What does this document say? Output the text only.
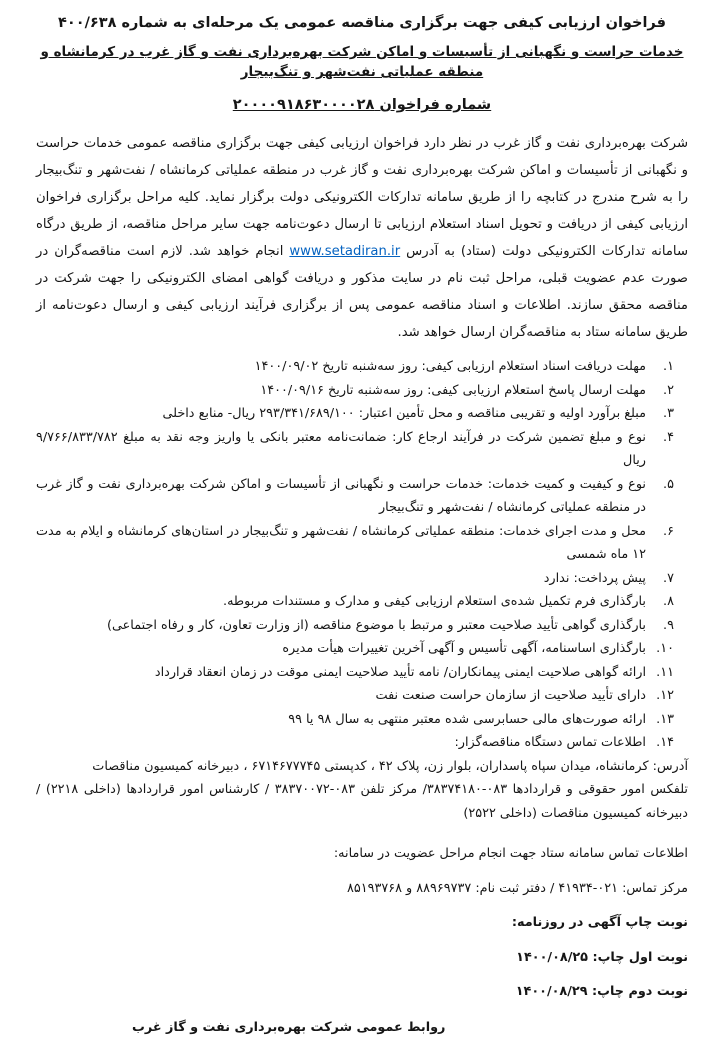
فراخوان ارزیابی کیفی جهت برگزاری مناقصه عمومی یک مرحله‌ای به شماره ۴۰۰/۶۳۸
خدمات حراست و نگهبانی از تأسیسات و اماکن شرکت بهره‌برداری نفت و گاز غرب در کرمانشاه و منطقه عملیاتی نفت‌شهر و تنگ‌بیجار
شماره فراخوان ۲۰۰۰۰۹۱۸۶۳۰۰۰۰۲۸

شرکت بهره‌برداری نفت و گاز غرب در نظر دارد فراخوان ارزیابی کیفی جهت برگزاری مناقصه عمومی خدمات حراست و نگهبانی از تأسیسات و اماکن شرکت بهره‌برداری نفت و گاز غرب در منطقه عملیاتی کرمانشاه / نفت‌شهر و تنگ‌بیجار را به شرح مندرج در کتابچه را از طریق سامانه تدارکات الکترونیکی دولت برگزار نماید. کلیه مراحل برگزاری فراخوان ارزیابی کیفی از دریافت و تحویل اسناد استعلام ارزیابی تا ارسال دعوت‌نامه جهت سایر مراحل مناقصه، از طریق درگاه سامانه تدارکات الکترونیکی دولت (ستاد) به آدرس www.setadiran.ir انجام خواهد شد. لازم است مناقصه‌گران در صورت عدم عضویت قبلی، مراحل ثبت نام در سایت مذکور و دریافت گواهی امضای الکترونیکی را جهت شرکت در مناقصه محقق سازند. اطلاعات و اسناد مناقصه عمومی پس از برگزاری فرآیند ارزیابی کیفی و ارسال دعوت‌نامه از طریق سامانه ستاد به مناقصه‌گران ارسال خواهد شد.

۱.
مهلت دریافت اسناد استعلام ارزیابی کیفی: روز سه‌شنبه تاریخ ۱۴۰۰/۰۹/۰۲
۲.
مهلت ارسال پاسخ استعلام ارزیابی کیفی: روز سه‌شنبه تاریخ ۱۴۰۰/۰۹/۱۶
۳.
مبلغ برآورد اولیه و تقریبی مناقصه و محل تأمین اعتبار: ۲۹۳/۳۴۱/۶۸۹/۱۰۰ ریال- منابع داخلی
۴.
نوع و مبلغ تضمین شرکت در فرآیند ارجاع کار: ضمانت‌نامه معتبر بانکی یا واریز وجه نقد به مبلغ ۹/۷۶۶/۸۳۳/۷۸۲ ریال
۵.
نوع و کیفیت و کمیت خدمات: خدمات حراست و نگهبانی از تأسیسات و اماکن شرکت بهره‌برداری نفت و گاز غرب در منطقه عملیاتی کرمانشاه / نفت‌شهر و تنگ‌بیجار
۶.
محل و مدت اجرای خدمات: منطقه عملیاتی کرمانشاه / نفت‌شهر و تنگ‌بیجار در استان‌های کرمانشاه و ایلام به مدت ۱۲ ماه شمسی
۷.
پیش پرداخت: ندارد
۸.
بارگذاری فرم تکمیل شده‌ی استعلام ارزیابی کیفی و مدارک و مستندات مربوطه.
۹.
بارگذاری گواهی تأیید صلاحیت معتبر و مرتبط با موضوع مناقصه (از وزارت تعاون، کار و رفاه اجتماعی)
۱۰.
بارگذاری اساسنامه، آگهی تأسیس و آگهی آخرین تغییرات هیأت مدیره
۱۱.
ارائه گواهی صلاحیت ایمنی پیمانکاران/ نامه تأیید صلاحیت ایمنی موقت در زمان انعقاد قرارداد
۱۲.
دارای تأیید صلاحیت از سازمان حراست صنعت نفت
۱۳.
ارائه صورت‌های مالی حسابرسی شده معتبر منتهی به سال ۹۸ یا ۹۹
۱۴.
اطلاعات تماس دستگاه مناقصه‌گزار:

آدرس: کرمانشاه، میدان سپاه پاسداران، بلوار زن، پلاک ۴۲ ، کدپستی ۶۷۱۴۶۷۷۷۴۵ ، دبیرخانه کمیسیون مناقصات

تلفکس امور حقوقی و قراردادها ۰۸۳-۳۸۳۷۴۱۸۰/ مرکز تلفن ۰۸۳-۳۸۳۷۰۰۷۲ / کارشناس امور قراردادها (داخلی ۲۲۱۸) / دبیرخانه کمیسیون مناقصات (داخلی ۲۵۲۲)

اطلاعات تماس سامانه ستاد جهت انجام مراحل عضویت در سامانه:

مرکز تماس: ۰۲۱-۴۱۹۳۴ / دفتر ثبت نام: ۸۸۹۶۹۷۳۷ و ۸۵۱۹۳۷۶۸

نوبت چاپ آگهی در روزنامه:

نوبت اول چاپ: ۱۴۰۰/۰۸/۲۵

نوبت دوم چاپ: ۱۴۰۰/۰۸/۲۹

روابط عمومی شرکت بهره‌برداری نفت و گاز غرب
